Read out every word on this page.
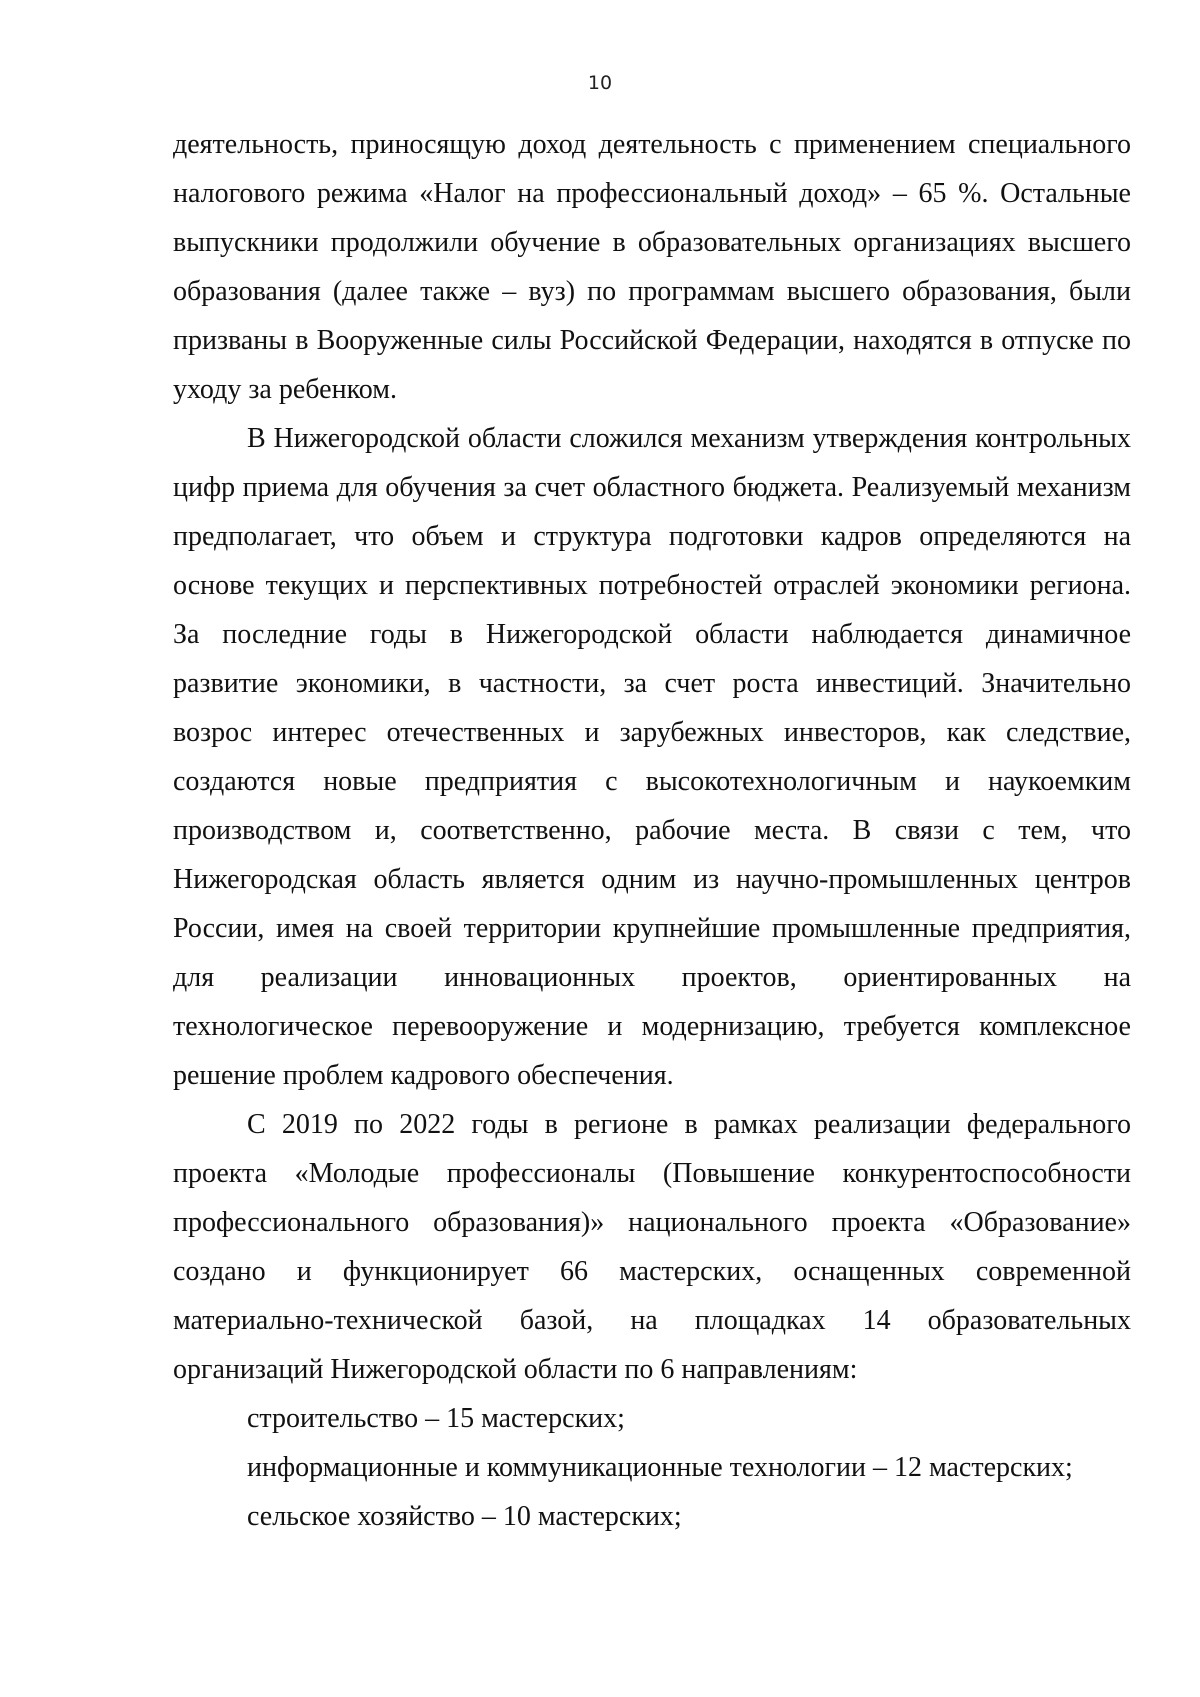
10

деятельность, приносящую доход деятельность с применением специального налогового режима «Налог на профессиональный доход» – 65 %. Остальные выпускники продолжили обучение в образовательных организациях высшего образования (далее также – вуз) по программам высшего образования, были призваны в Вооруженные силы Российской Федерации, находятся в отпуске по уходу за ребенком.

В Нижегородской области сложился механизм утверждения контрольных цифр приема для обучения за счет областного бюджета. Реализуемый механизм предполагает, что объем и структура подготовки кадров определяются на основе текущих и перспективных потребностей отраслей экономики региона. За последние годы в Нижегородской области наблюдается динамичное развитие экономики, в частности, за счет роста инвестиций. Значительно возрос интерес отечественных и зарубежных инвесторов, как следствие, создаются новые предприятия с высокотехнологичным и наукоемким производством и, соответственно, рабочие места. В связи с тем, что Нижегородская область является одним из научно-промышленных центров России, имея на своей территории крупнейшие промышленные предприятия, для реализации инновационных проектов, ориентированных на технологическое перевооружение и модернизацию, требуется комплексное решение проблем кадрового обеспечения.

С 2019 по 2022 годы в регионе в рамках реализации федерального проекта «Молодые профессионалы (Повышение конкурентоспособности профессионального образования)» национального проекта «Образование» создано и функционирует 66 мастерских, оснащенных современной материально-технической базой, на площадках 14 образовательных организаций Нижегородской области по 6 направлениям:

строительство – 15 мастерских;

информационные и коммуникационные технологии – 12 мастерских;

сельское хозяйство – 10 мастерских;
